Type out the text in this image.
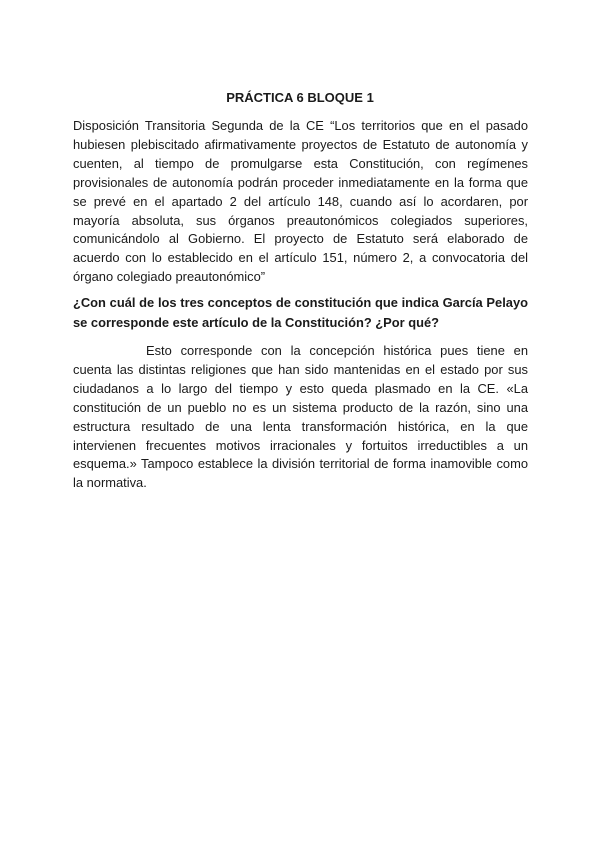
PRÁCTICA 6 BLOQUE 1

Disposición Transitoria Segunda de la CE “Los territorios que en el pasado hubiesen plebiscitado afirmativamente proyectos de Estatuto de autonomía y cuenten, al tiempo de promulgarse esta Constitución, con regímenes provisionales de autonomía podrán proceder inmediatamente en la forma que se prevé en el apartado 2 del artículo 148, cuando así lo acordaren, por mayoría absoluta, sus órganos preautonómicos colegiados superiores, comunicándolo al Gobierno. El proyecto de Estatuto será elaborado de acuerdo con lo establecido en el artículo 151, número 2, a convocatoria del órgano colegiado preautonómico”

¿Con cuál de los tres conceptos de constitución que indica García Pelayo se corresponde este artículo de la Constitución? ¿Por qué?

Esto corresponde con la concepción histórica pues tiene en cuenta las distintas religiones que han sido mantenidas en el estado por sus ciudadanos a lo largo del tiempo y esto queda plasmado en la CE. «La constitución de un pueblo no es un sistema producto de la razón, sino una estructura resultado de una lenta transformación histórica, en la que intervienen frecuentes motivos irracionales y fortuitos irreductibles a un esquema.» Tampoco establece la división territorial de forma inamovible como la normativa.
